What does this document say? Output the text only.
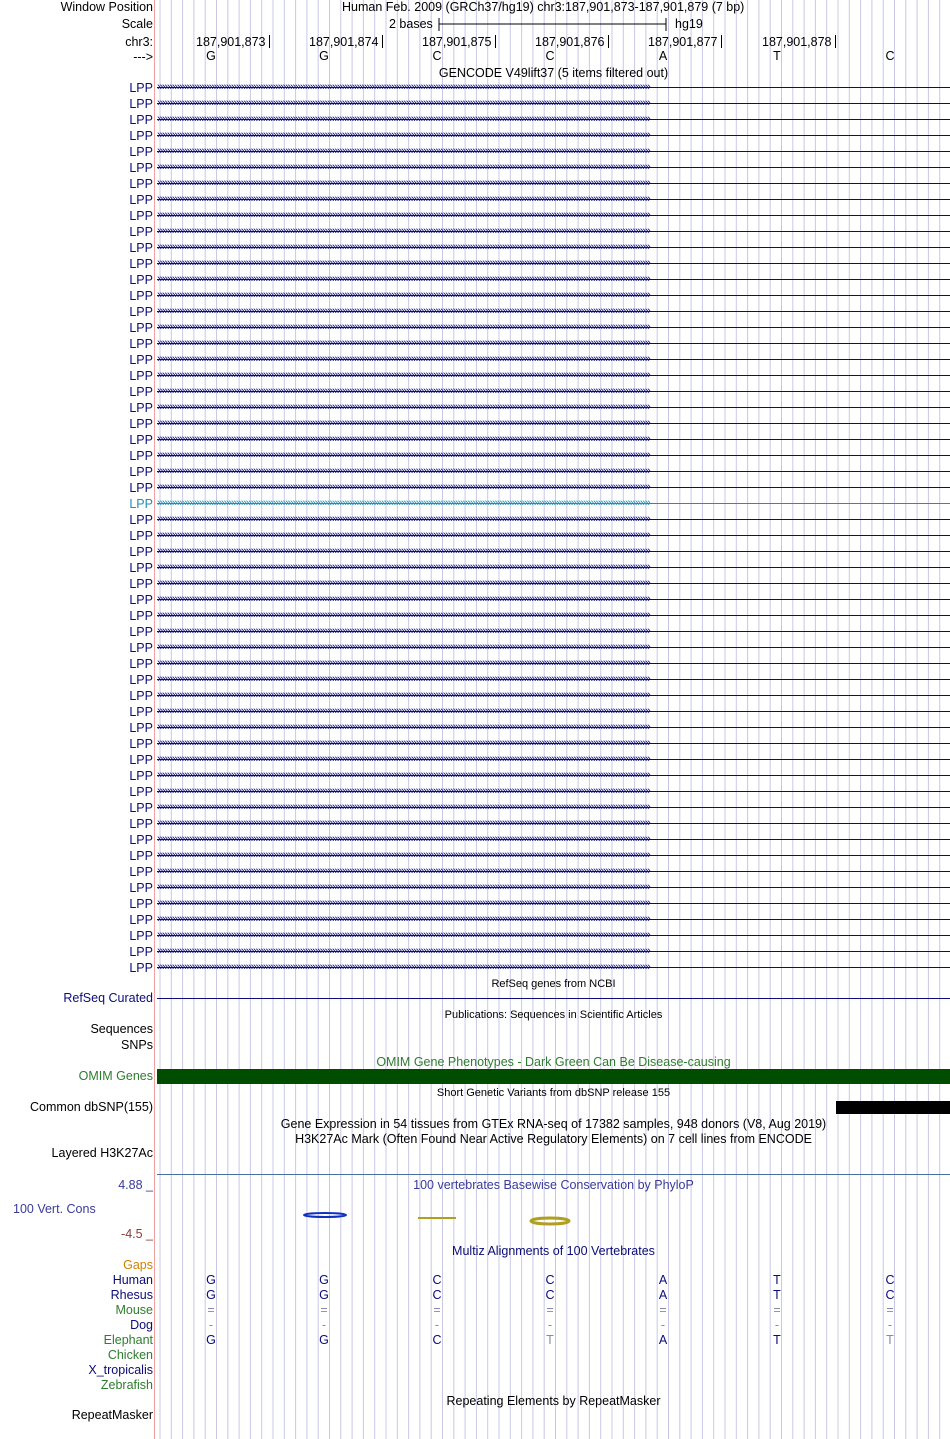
Window Position	Human Feb. 2009 (GRCh37/hg19) chr3:187,901,873-187,901,879 (7 bp)
Scale	2 bases	hg19
chr3:	187,901,873	187,901,874	187,901,875	187,901,876	187,901,877	187,901,878
--->	G	G	C	C	A	T	C
GENCODE V49lift37 (5 items filtered out)
LPP ››››››››››››››››››››››››››››››››››››››››››››››››››››››››››››››››››››››››››››››››››››››››››››››››››››››››››››››››››››››››››››››››››››››››››››››››››››››››››››››››››››››››››››››››››››››››››››››››››››››››
LPP ››››››››››››››››››››››››››››››››››››››››››››››››››››››››››››››››››››››››››››››››››››››››››››››››››››››››››››››››››››››››››››››››››››››››››››››››››››››››››››››››››››››››››››››››››››››››››››››››››››››››
LPP ››››››››››››››››››››››››››››››››››››››››››››››››››››››››››››››››››››››››››››››››››››››››››››››››››››››››››››››››››››››››››››››››››››››››››››››››››››››››››››››››››››››››››››››››››››››››››››››››››››››››
LPP ››››››››››››››››››››››››››››››››››››››››››››››››››››››››››››››››››››››››››››››››››››››››››››››››››››››››››››››››››››››››››››››››››››››››››››››››››››››››››››››››››››››››››››››››››››››››››››››››››››››››
LPP ››››››››››››››››››››››››››››››››››››››››››››››››››››››››››››››››››››››››››››››››››››››››››››››››››››››››››››››››››››››››››››››››››››››››››››››››››››››››››››››››››››››››››››››››››››››››››››››››››››››››
LPP ››››››››››››››››››››››››››››››››››››››››››››››››››››››››››››››››››››››››››››››››››››››››››››››››››››››››››››››››››››››››››››››››››››››››››››››››››››››››››››››››››››››››››››››››››››››››››››››››››››››››
LPP ››››››››››››››››››››››››››››››››››››››››››››››››››››››››››››››››››››››››››››››››››››››››››››››››››››››››››››››››››››››››››››››››››››››››››››››››››››››››››››››››››››››››››››››››››››››››››››››››››››››››
LPP ››››››››››››››››››››››››››››››››››››››››››››››››››››››››››››››››››››››››››››››››››››››››››››››››››››››››››››››››››››››››››››››››››››››››››››››››››››››››››››››››››››››››››››››››››››››››››››››››››››››››
LPP ››››››››››››››››››››››››››››››››››››››››››››››››››››››››››››››››››››››››››››››››››››››››››››››››››››››››››››››››››››››››››››››››››››››››››››››››››››››››››››››››››››››››››››››››››››››››››››››››››››››››
LPP ››››››››››››››››››››››››››››››››››››››››››››››››››››››››››››››››››››››››››››››››››››››››››››››››››››››››››››››››››››››››››››››››››››››››››››››››››››››››››››››››››››››››››››››››››››››››››››››››››››››››
LPP ››››››››››››››››››››››››››››››››››››››››››››››››››››››››››››››››››››››››››››››››››››››››››››››››››››››››››››››››››››››››››››››››››››››››››››››››››››››››››››››››››››››››››››››››››››››››››››››››››››››››
LPP ››››››››››››››››››››››››››››››››››››››››››››››››››››››››››››››››››››››››››››››››››››››››››››››››››››››››››››››››››››››››››››››››››››››››››››››››››››››››››››››››››››››››››››››››››››››››››››››››››››››››
LPP ››››››››››››››››››››››››››››››››››››››››››››››››››››››››››››››››››››››››››››››››››››››››››››››››››››››››››››››››››››››››››››››››››››››››››››››››››››››››››››››››››››››››››››››››››››››››››››››››››››››››
LPP ››››››››››››››››››››››››››››››››››››››››››››››››››››››››››››››››››››››››››››››››››››››››››››››››››››››››››››››››››››››››››››››››››››››››››››››››››››››››››››››››››››››››››››››››››››››››››››››››››››››››
LPP ››››››››››››››››››››››››››››››››››››››››››››››››››››››››››››››››››››››››››››››››››››››››››››››››››››››››››››››››››››››››››››››››››››››››››››››››››››››››››››››››››››››››››››››››››››››››››››››››››››››››
LPP ››››››››››››››››››››››››››››››››››››››››››››››››››››››››››››››››››››››››››››››››››››››››››››››››››››››››››››››››››››››››››››››››››››››››››››››››››››››››››››››››››››››››››››››››››››››››››››››››››››››››
LPP ››››››››››››››››››››››››››››››››››››››››››››››››››››››››››››››››››››››››››››››››››››››››››››››››››››››››››››››››››››››››››››››››››››››››››››››››››››››››››››››››››››››››››››››››››››››››››››››››››››››››
LPP ››››››››››››››››››››››››››››››››››››››››››››››››››››››››››››››››››››››››››››››››››››››››››››››››››››››››››››››››››››››››››››››››››››››››››››››››››››››››››››››››››››››››››››››››››››››››››››››››››››››››
LPP ››››››››››››››››››››››››››››››››››››››››››››››››››››››››››››››››››››››››››››››››››››››››››››››››››››››››››››››››››››››››››››››››››››››››››››››››››››››››››››››››››››››››››››››››››››››››››››››››››››››››
LPP ››››››››››››››››››››››››››››››››››››››››››››››››››››››››››››››››››››››››››››››››››››››››››››››››››››››››››››››››››››››››››››››››››››››››››››››››››››››››››››››››››››››››››››››››››››››››››››››››››››››››
LPP ››››››››››››››››››››››››››››››››››››››››››››››››››››››››››››››››››››››››››››››››››››››››››››››››››››››››››››››››››››››››››››››››››››››››››››››››››››››››››››››››››››››››››››››››››››››››››››››››››››››››
LPP ››››››››››››››››››››››››››››››››››››››››››››››››››››››››››››››››››››››››››››››››››››››››››››››››››››››››››››››››››››››››››››››››››››››››››››››››››››››››››››››››››››››››››››››››››››››››››››››››››››››››
LPP ››››››››››››››››››››››››››››››››››››››››››››››››››››››››››››››››››››››››››››››››››››››››››››››››››››››››››››››››››››››››››››››››››››››››››››››››››››››››››››››››››››››››››››››››››››››››››››››››››››››››
LPP ››››››››››››››››››››››››››››››››››››››››››››››››››››››››››››››››››››››››››››››››››››››››››››››››››››››››››››››››››››››››››››››››››››››››››››››››››››››››››››››››››››››››››››››››››››››››››››››››››››››››
LPP ››››››››››››››››››››››››››››››››››››››››››››››››››››››››››››››››››››››››››››››››››››››››››››››››››››››››››››››››››››››››››››››››››››››››››››››››››››››››››››››››››››››››››››››››››››››››››››››››››››››››
LPP ››››››››››››››››››››››››››››››››››››››››››››››››››››››››››››››››››››››››››››››››››››››››››››››››››››››››››››››››››››››››››››››››››››››››››››››››››››››››››››››››››››››››››››››››››››››››››››››››››››››››
LPP ››››››››››››››››››››››››››››››››››››››››››››››››››››››››››››››››››››››››››››››››››››››››››››››››››››››››››››››››››››››››››››››››››››››››››››››››››››››››››››››››››››››››››››››››››››››››››››››››››››››››
LPP ››››››››››››››››››››››››››››››››››››››››››››››››››››››››››››››››››››››››››››››››››››››››››››››››››››››››››››››››››››››››››››››››››››››››››››››››››››››››››››››››››››››››››››››››››››››››››››››››››››››››
LPP ››››››››››››››››››››››››››››››››››››››››››››››››››››››››››››››››››››››››››››››››››››››››››››››››››››››››››››››››››››››››››››››››››››››››››››››››››››››››››››››››››››››››››››››››››››››››››››››››››››››››
LPP ››››››››››››››››››››››››››››››››››››››››››››››››››››››››››››››››››››››››››››››››››››››››››››››››››››››››››››››››››››››››››››››››››››››››››››››››››››››››››››››››››››››››››››››››››››››››››››››››››››››››
LPP ››››››››››››››››››››››››››››››››››››››››››››››››››››››››››››››››››››››››››››››››››››››››››››››››››››››››››››››››››››››››››››››››››››››››››››››››››››››››››››››››››››››››››››››››››››››››››››››››››››››››
LPP ››››››››››››››››››››››››››››››››››››››››››››››››››››››››››››››››››››››››››››››››››››››››››››››››››››››››››››››››››››››››››››››››››››››››››››››››››››››››››››››››››››››››››››››››››››››››››››››››››››››››
LPP ››››››››››››››››››››››››››››››››››››››››››››››››››››››››››››››››››››››››››››››››››››››››››››››››››››››››››››››››››››››››››››››››››››››››››››››››››››››››››››››››››››››››››››››››››››››››››››››››››››››››
LPP ››››››››››››››››››››››››››››››››››››››››››››››››››››››››››››››››››››››››››››››››››››››››››››››››››››››››››››››››››››››››››››››››››››››››››››››››››››››››››››››››››››››››››››››››››››››››››››››››››››››››
LPP ››››››››››››››››››››››››››››››››››››››››››››››››››››››››››››››››››››››››››››››››››››››››››››››››››››››››››››››››››››››››››››››››››››››››››››››››››››››››››››››››››››››››››››››››››››››››››››››››››››››››
LPP ››››››››››››››››››››››››››››››››››››››››››››››››››››››››››››››››››››››››››››››››››››››››››››››››››››››››››››››››››››››››››››››››››››››››››››››››››››››››››››››››››››››››››››››››››››››››››››››››››››››››
LPP ››››››››››››››››››››››››››››››››››››››››››››››››››››››››››››››››››››››››››››››››››››››››››››››››››››››››››››››››››››››››››››››››››››››››››››››››››››››››››››››››››››››››››››››››››››››››››››››››››››››››
LPP ››››››››››››››››››››››››››››››››››››››››››››››››››››››››››››››››››››››››››››››››››››››››››››››››››››››››››››››››››››››››››››››››››››››››››››››››››››››››››››››››››››››››››››››››››››››››››››››››››››››››
LPP ››››››››››››››››››››››››››››››››››››››››››››››››››››››››››››››››››››››››››››››››››››››››››››››››››››››››››››››››››››››››››››››››››››››››››››››››››››››››››››››››››››››››››››››››››››››››››››››››››››››››
LPP ››››››››››››››››››››››››››››››››››››››››››››››››››››››››››››››››››››››››››››››››››››››››››››››››››››››››››››››››››››››››››››››››››››››››››››››››››››››››››››››››››››››››››››››››››››››››››››››››››››››››
LPP ››››››››››››››››››››››››››››››››››››››››››››››››››››››››››››››››››››››››››››››››››››››››››››››››››››››››››››››››››››››››››››››››››››››››››››››››››››››››››››››››››››››››››››››››››››››››››››››››››››››››
LPP ››››››››››››››››››››››››››››››››››››››››››››››››››››››››››››››››››››››››››››››››››››››››››››››››››››››››››››››››››››››››››››››››››››››››››››››››››››››››››››››››››››››››››››››››››››››››››››››››››››››››
LPP ››››››››››››››››››››››››››››››››››››››››››››››››››››››››››››››››››››››››››››››››››››››››››››››››››››››››››››››››››››››››››››››››››››››››››››››››››››››››››››››››››››››››››››››››››››››››››››››››››››››››
LPP ››››››››››››››››››››››››››››››››››››››››››››››››››››››››››››››››››››››››››››››››››››››››››››››››››››››››››››››››››››››››››››››››››››››››››››››››››››››››››››››››››››››››››››››››››››››››››››››››››››››››
LPP ››››››››››››››››››››››››››››››››››››››››››››››››››››››››››››››››››››››››››››››››››››››››››››››››››››››››››››››››››››››››››››››››››››››››››››››››››››››››››››››››››››››››››››››››››››››››››››››››››››››››
LPP ››››››››››››››››››››››››››››››››››››››››››››››››››››››››››››››››››››››››››››››››››››››››››››››››››››››››››››››››››››››››››››››››››››››››››››››››››››››››››››››››››››››››››››››››››››››››››››››››››››››››
LPP ››››››››››››››››››››››››››››››››››››››››››››››››››››››››››››››››››››››››››››››››››››››››››››››››››››››››››››››››››››››››››››››››››››››››››››››››››››››››››››››››››››››››››››››››››››››››››››››››››››››››
LPP ››››››››››››››››››››››››››››››››››››››››››››››››››››››››››››››››››››››››››››››››››››››››››››››››››››››››››››››››››››››››››››››››››››››››››››››››››››››››››››››››››››››››››››››››››››››››››››››››››››››››
LPP ››››››››››››››››››››››››››››››››››››››››››››››››››››››››››››››››››››››››››››››››››››››››››››››››››››››››››››››››››››››››››››››››››››››››››››››››››››››››››››››››››››››››››››››››››››››››››››››››››››››››
LPP ››››››››››››››››››››››››››››››››››››››››››››››››››››››››››››››››››››››››››››››››››››››››››››››››››››››››››››››››››››››››››››››››››››››››››››››››››››››››››››››››››››››››››››››››››››››››››››››››››››››››
LPP ››››››››››››››››››››››››››››››››››››››››››››››››››››››››››››››››››››››››››››››››››››››››››››››››››››››››››››››››››››››››››››››››››››››››››››››››››››››››››››››››››››››››››››››››››››››››››››››››››››››››
LPP ››››››››››››››››››››››››››››››››››››››››››››››››››››››››››››››››››››››››››››››››››››››››››››››››››››››››››››››››››››››››››››››››››››››››››››››››››››››››››››››››››››››››››››››››››››››››››››››››››››››››
LPP ››››››››››››››››››››››››››››››››››››››››››››››››››››››››››››››››››››››››››››››››››››››››››››››››››››››››››››››››››››››››››››››››››››››››››››››››››››››››››››››››››››››››››››››››››››››››››››››››››››››››
LPP ››››››››››››››››››››››››››››››››››››››››››››››››››››››››››››››››››››››››››››››››››››››››››››››››››››››››››››››››››››››››››››››››››››››››››››››››››››››››››››››››››››››››››››››››››››››››››››››››››››››››
LPP ››››››››››››››››››››››››››››››››››››››››››››››››››››››››››››››››››››››››››››››››››››››››››››››››››››››››››››››››››››››››››››››››››››››››››››››››››››››››››››››››››››››››››››››››››››››››››››››››››››››››
LPP ››››››››››››››››››››››››››››››››››››››››››››››››››››››››››››››››››››››››››››››››››››››››››››››››››››››››››››››››››››››››››››››››››››››››››››››››››››››››››››››››››››››››››››››››››››››››››››››››››››››››
RefSeq genes from NCBI
RefSeq Curated
Publications: Sequences in Scientific Articles
Sequences
SNPs
OMIM Gene Phenotypes - Dark Green Can Be Disease-causing
OMIM Genes
Short Genetic Variants from dbSNP release 155
Common dbSNP(155)
Gene Expression in 54 tissues from GTEx RNA-seq of 17382 samples, 948 donors (V8, Aug 2019)
H3K27Ac Mark (Often Found Near Active Regulatory Elements) on 7 cell lines from ENCODE
Layered H3K27Ac
100 vertebrates Basewise Conservation by PhyloP
4.88 _
100 Vert. Cons
-4.5 _
Multiz Alignments of 100 Vertebrates
Gaps
Human	G	G	C	C	A	T	C
Rhesus	G	G	C	C	A	T	C
Mouse	=	=	=	=	=	=	=
Dog	-	-	-	-	-	-	-
Elephant	G	G	C	T	A	T	T
Chicken
X_tropicalis
Zebrafish
Repeating Elements by RepeatMasker
RepeatMasker
